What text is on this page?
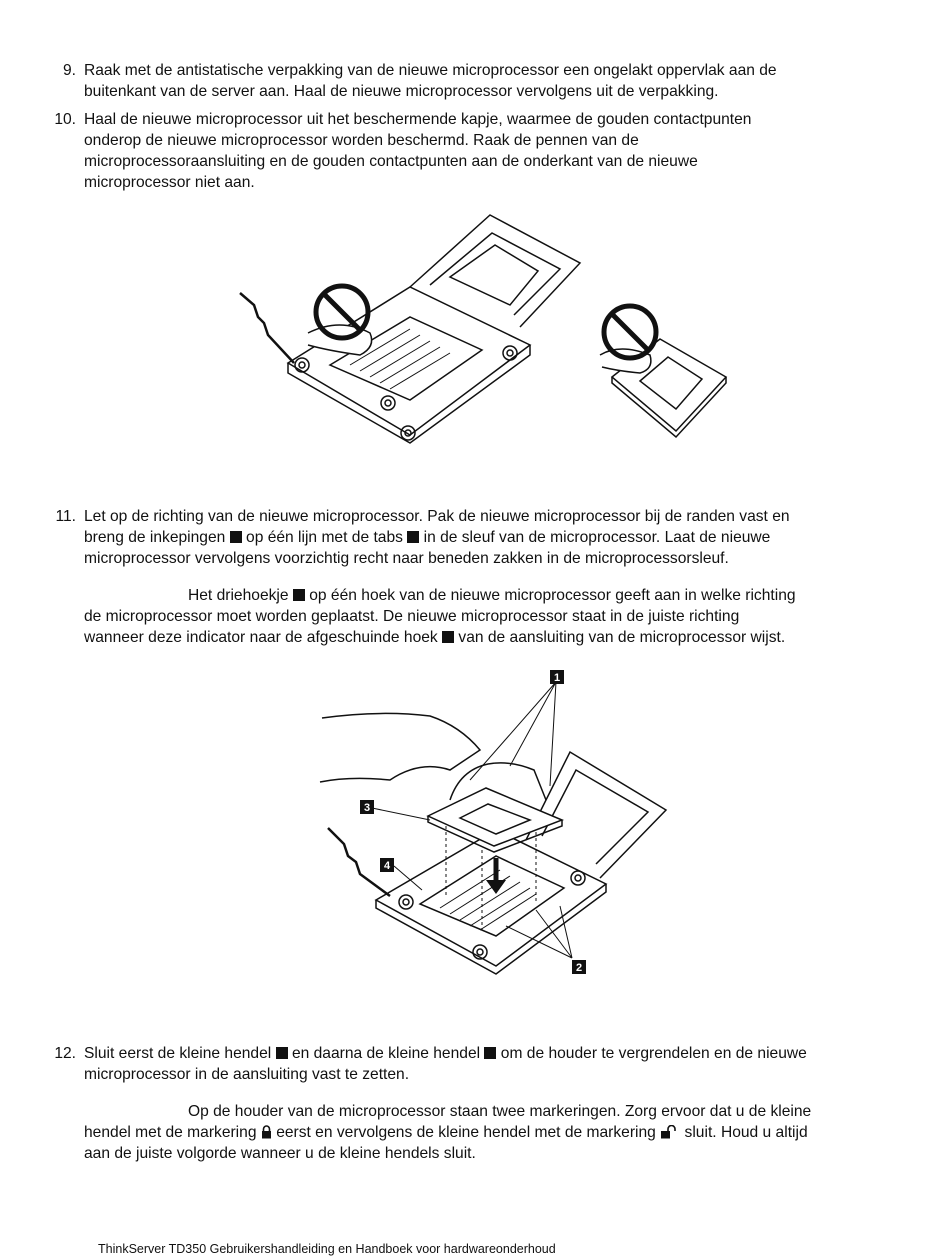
9. Raak met de antistatische verpakking van de nieuwe microprocessor een ongelakt oppervlak aan de
buitenkant van de server aan. Haal de nieuwe microprocessor vervolgens uit de verpakking.
10. Haal de nieuwe microprocessor uit het beschermende kapje, waarmee de gouden contactpunten
onderop de nieuwe microprocessor worden beschermd. Raak de pennen van de
microprocessoraansluiting en de gouden contactpunten aan de onderkant van de nieuwe
microprocessor niet aan.
11. Let op de richting van de nieuwe microprocessor. Pak de nieuwe microprocessor bij de randen vast en
breng de inkepingen op één lijn met de tabs in de sleuf van de microprocessor. Laat de nieuwe
microprocessor vervolgens voorzichtig recht naar beneden zakken in de microprocessorsleuf.
Het driehoekje op één hoek van de nieuwe microprocessor geeft aan in welke richting
de microprocessor moet worden geplaatst. De nieuwe microprocessor staat in de juiste richting
wanneer deze indicator naar de afgeschuinde hoek van de aansluiting van de microprocessor wijst.
1
2
3
4
12. Sluit eerst de kleine hendel en daarna de kleine hendel om de houder te vergrendelen en de nieuwe
microprocessor in de aansluiting vast te zetten.
Op de houder van de microprocessor staan twee markeringen. Zorg ervoor dat u de kleine
hendel met de markering eerst en vervolgens de kleine hendel met de markering sluit. Houd u altijd
aan de juiste volgorde wanneer u de kleine hendels sluit.
ThinkServer TD350 Gebruikershandleiding en Handboek voor hardwareonderhoud
